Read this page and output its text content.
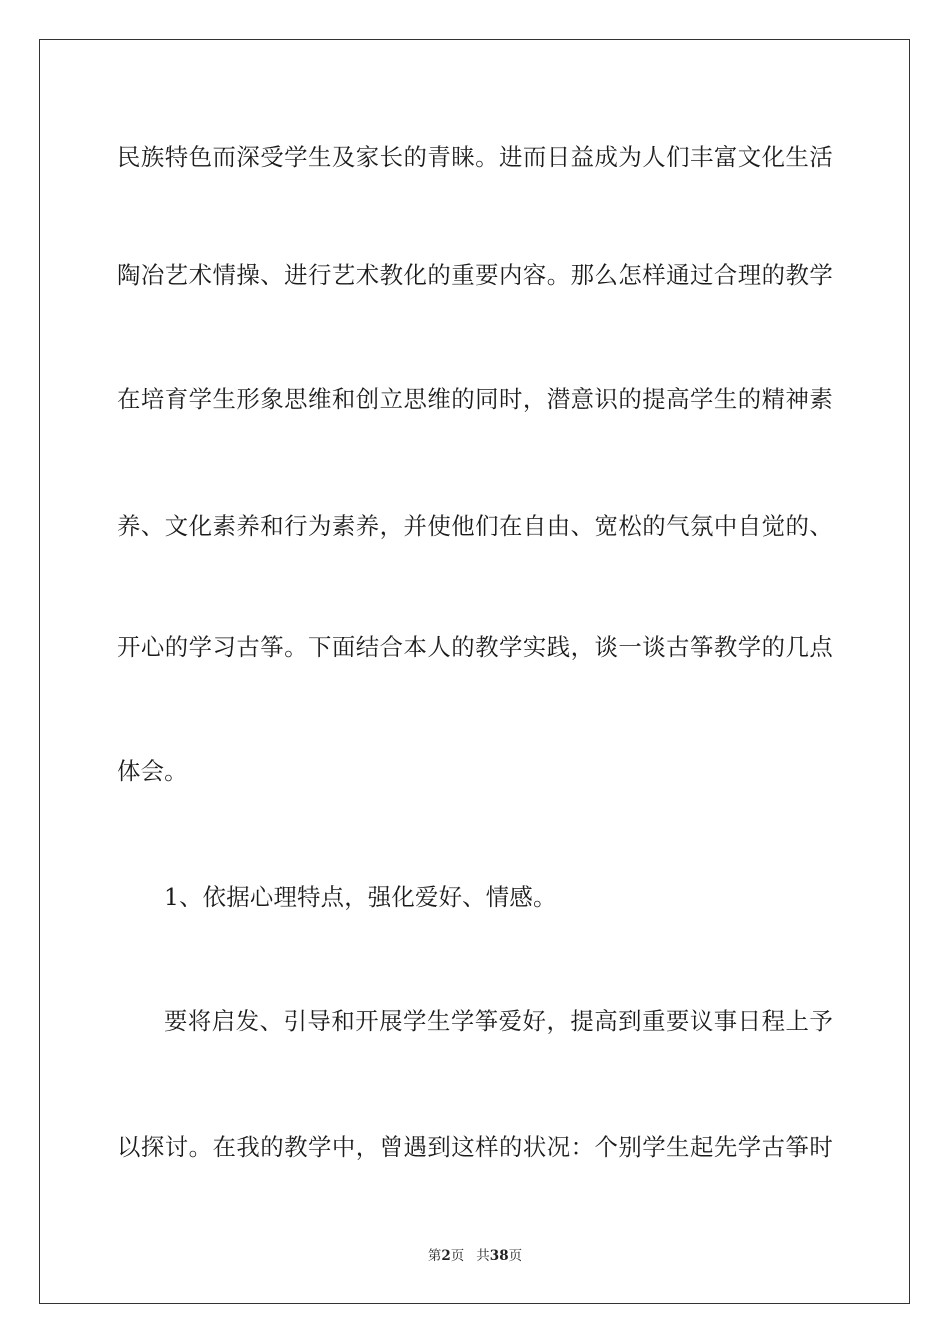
民族特色而深受学生及家长的青睐。进而日益成为人们丰富文化生活
陶冶艺术情操、进行艺术教化的重要内容。那么怎样通过合理的教学
在培育学生形象思维和创立思维的同时，潜意识的提高学生的精神素
养、文化素养和行为素养，并使他们在自由、宽松的气氛中自觉的、
开心的学习古筝。下面结合本人的教学实践，谈一谈古筝教学的几点
体会。
1、依据心理特点，强化爱好、情感。
要将启发、引导和开展学生学筝爱好，提高到重要议事日程上予
以探讨。在我的教学中，曾遇到这样的状况：个别学生起先学古筝时
第2页 共38页
